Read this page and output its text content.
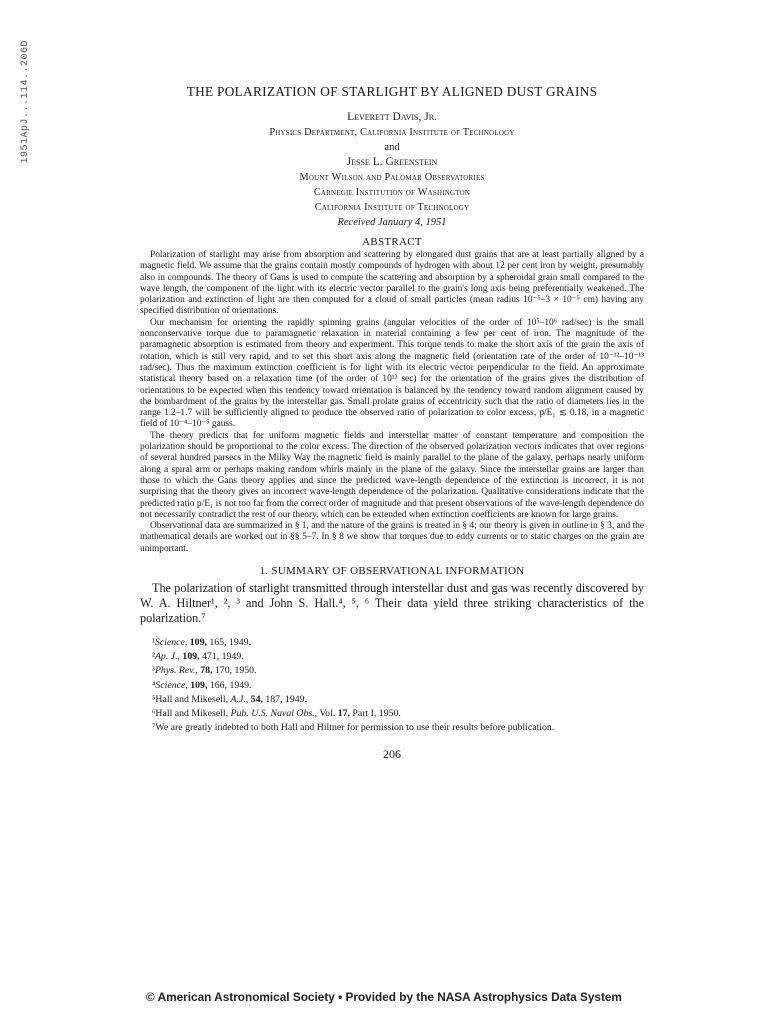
1951ApJ...114..206D	THE POLARIZATION OF STARLIGHT BY ALIGNED DUST GRAINS
Leverett Davis, Jr.
Physics Department, California Institute of Technology
and
Jesse L. Greenstein
Mount Wilson and Palomar Observatories
Carnegie Institution of Washington
California Institute of Technology
Received January 4, 1951
ABSTRACT

Polarization of starlight may arise from absorption and scattering by elongated dust grains that are at least partially aligned by a magnetic field. We assume that the grains contain mostly compounds of hydrogen with about 12 per cent iron by weight, presumably also in compounds. The theory of Gans is used to compute the scattering and absorption by a spheroidal grain small compared to the wave length, the component of the light with its electric vector parallel to the grain's long axis being preferentially weakened. The polarization and extinction of light are then computed for a cloud of small particles (mean radius 10⁻⁵–3 × 10⁻⁵ cm) having any specified distribution of orientations.

Our mechanism for orienting the rapidly spinning grains (angular velocities of the order of 10⁵–10⁶ rad/sec) is the small nonconservative torque due to paramagnetic relaxation in material containing a few per cent of iron. The magnitude of the paramagnetic absorption is estimated from theory and experiment. This torque tends to make the short axis of the grain the axis of rotation, which is still very rapid, and to set this short axis along the magnetic field (orientation rate of the order of 10⁻¹²–10⁻¹³ rad/sec). Thus the maximum extinction coefficient is for light with its electric vector perpendicular to the field. An approximate statistical theory based on a relaxation time (of the order of 10¹³ sec) for the orientation of the grains gives the distribution of orientations to be expected when this tendency toward orientation is balanced by the tendency toward random alignment caused by the bombardment of the grains by the interstellar gas. Small prolate grains of eccentricity such that the ratio of diameters lies in the range 1.2–1.7 will be sufficiently aligned to produce the observed ratio of polarization to color excess, p/E₁ ≲ 0.18, in a magnetic field of 10⁻⁴–10⁻⁵ gauss.

The theory predicts that for uniform magnetic fields and interstellar matter of constant temperature and composition the polarization should be proportional to the color excess. The direction of the observed polarization vectors indicates that over regions of several hundred parsecs in the Milky Way the magnetic field is mainly parallel to the plane of the galaxy, perhaps nearly uniform along a spiral arm or perhaps making random whirls mainly in the plane of the galaxy. Since the interstellar grains are larger than those to which the Gans theory applies and since the predicted wave-length dependence of the extinction is incorrect, it is not surprising that the theory gives an incorrect wave-length dependence of the polarization. Qualitative considerations indicate that the predicted ratio p/E₁ is not too far from the correct order of magnitude and that present observations of the wave-length dependence do not necessarily contradict the rest of our theory, which can be extended when extinction coefficients are known for large grains.

Observational data are summarized in § 1, and the nature of the grains is treated in § 4; our theory is given in outline in § 3, and the mathematical details are worked out in §§ 5–7. In § 8 we show that torques due to eddy currents or to static charges on the grain are unimportant.

1. SUMMARY OF OBSERVATIONAL INFORMATION

The polarization of starlight transmitted through interstellar dust and gas was recently discovered by W. A. Hiltner¹, ², ³ and John S. Hall.⁴, ⁵, ⁶ Their data yield three striking characteristics of the polarization.⁷

¹Science, 109, 165, 1949.
²Ap. J., 109, 471, 1949.
³Phys. Rev., 78, 170, 1950.
⁴Science, 109, 166, 1949.
⁵Hall and Mikesell, A.J., 54, 187, 1949.
⁶Hall and Mikesell, Pub. U.S. Naval Obs., Vol. 17, Part I, 1950.
⁷We are greatly indebted to both Hall and Hiltner for permission to use their results before publication.
206
© American Astronomical Society • Provided by the NASA Astrophysics Data System
